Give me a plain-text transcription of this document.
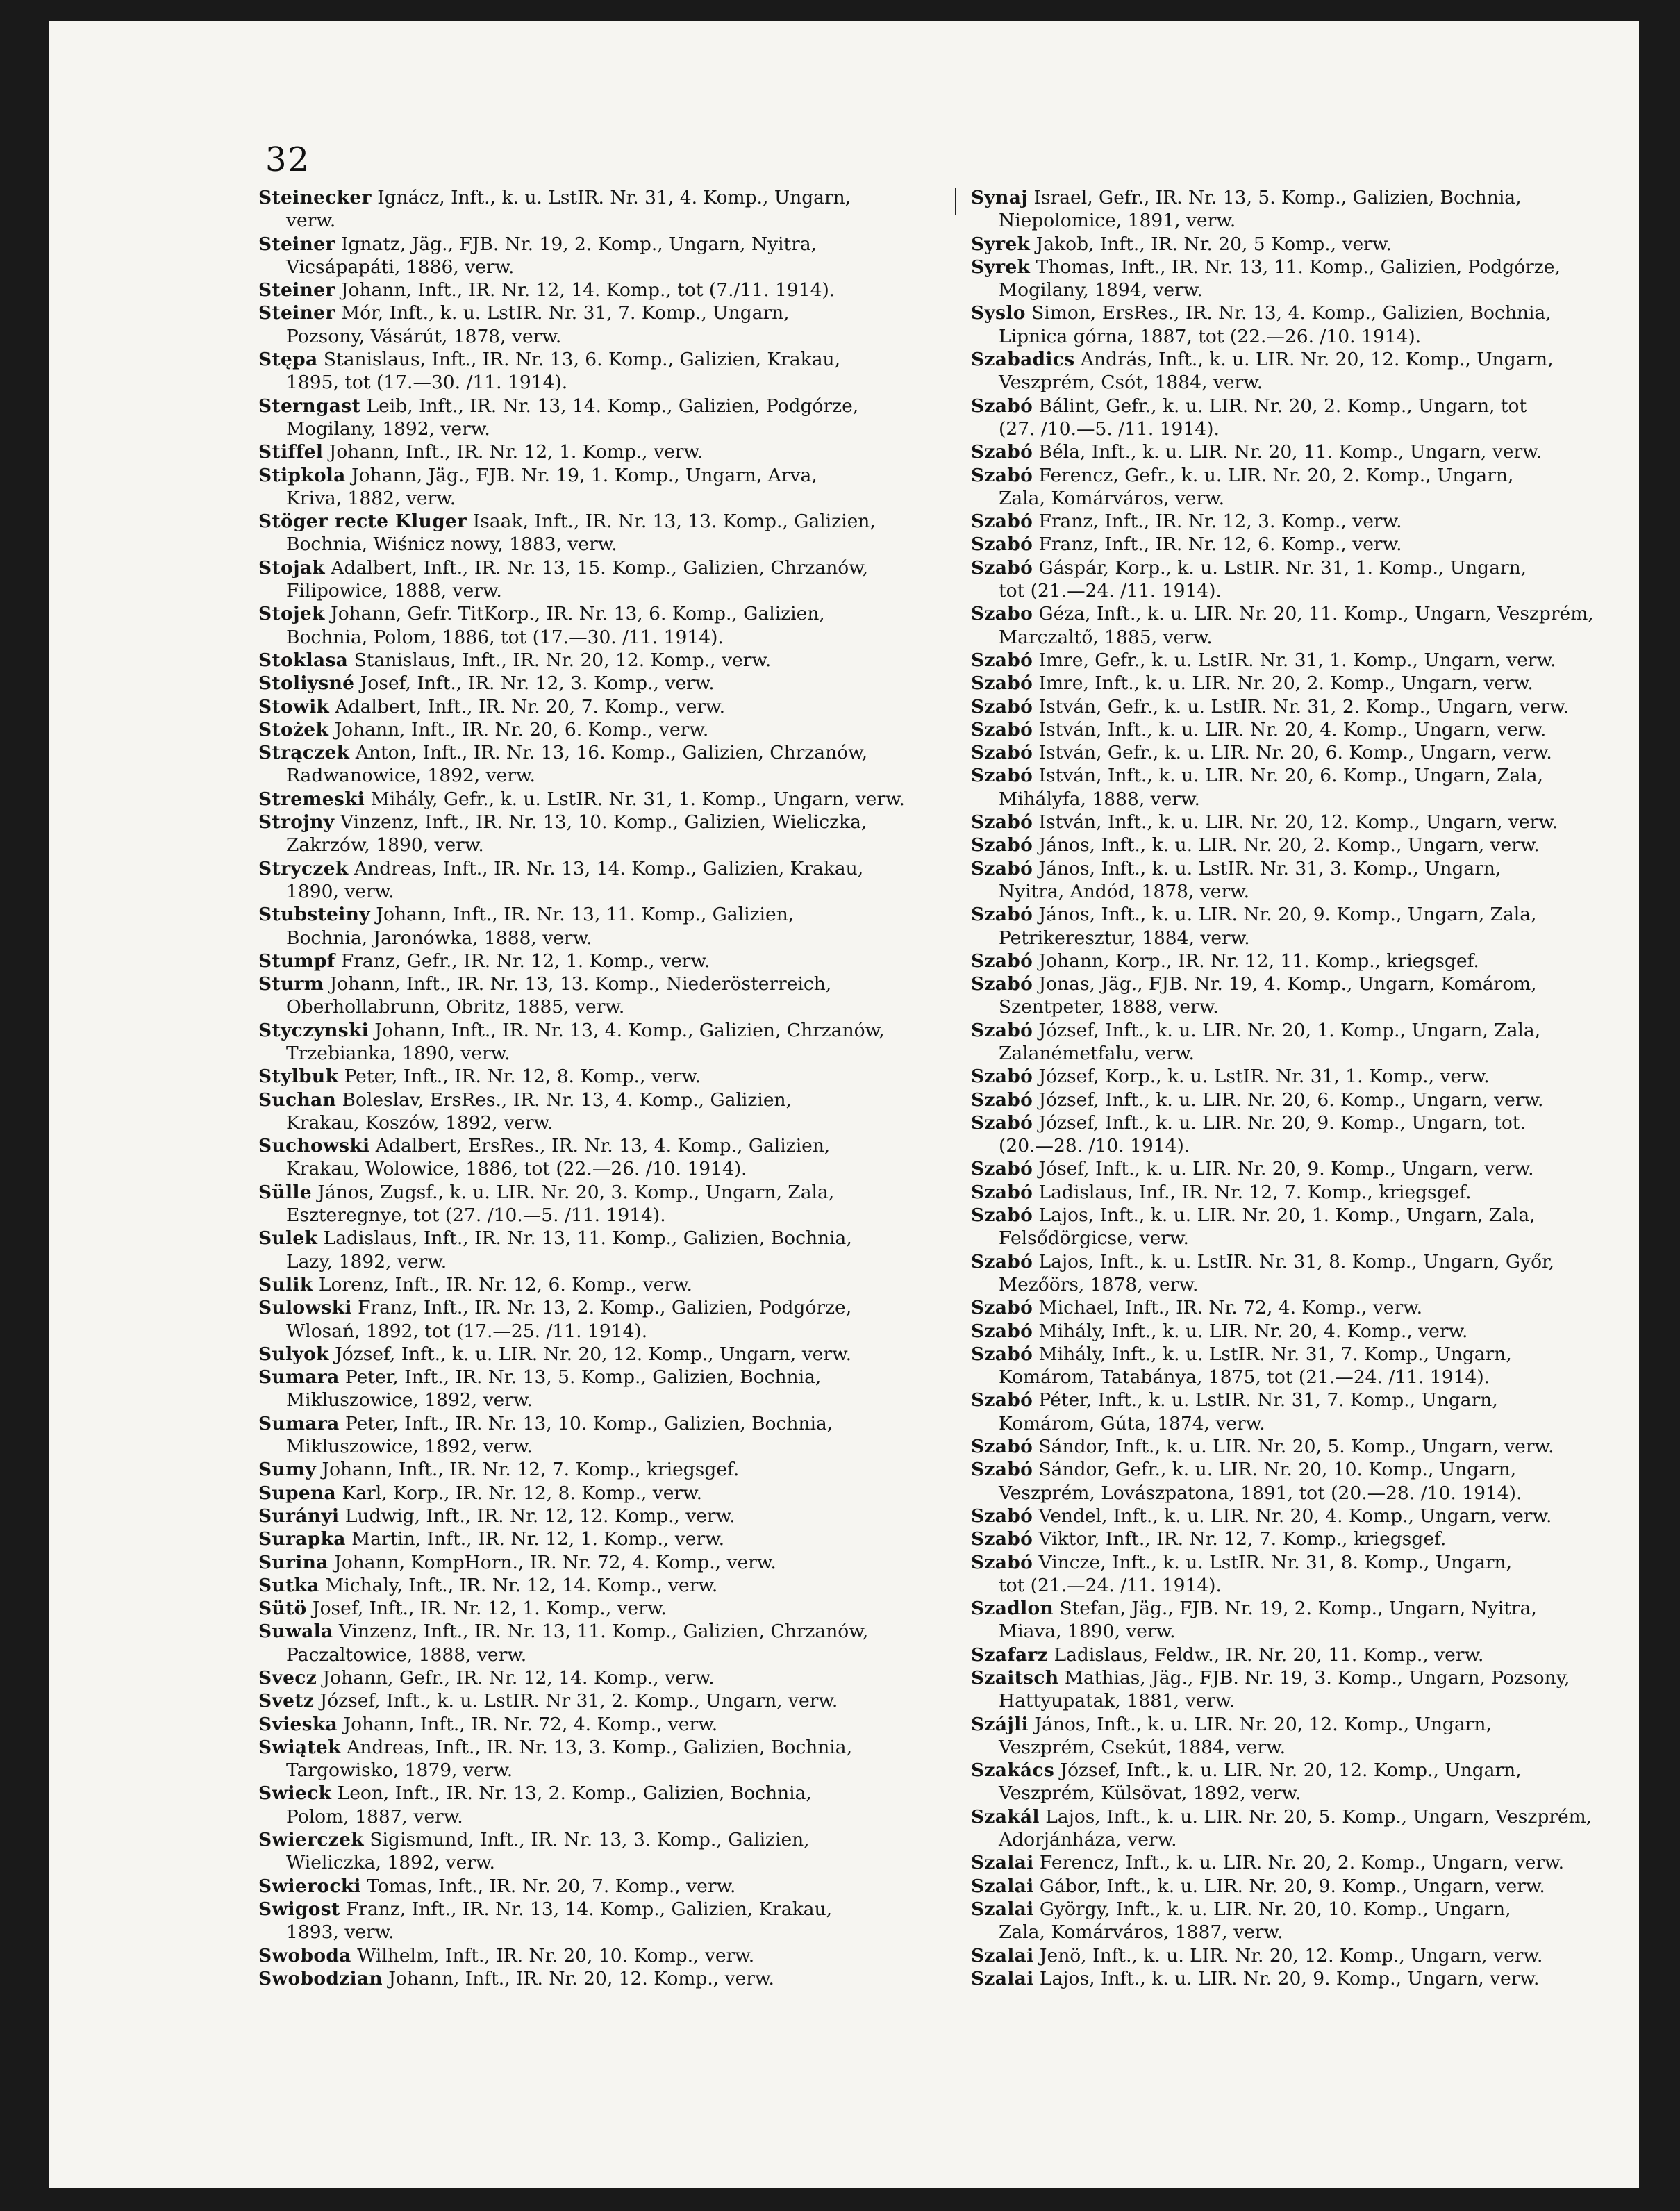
32
Steinecker Ignácz, Inft., k. u. LstIR. Nr. 31, 4. Komp., Ungarn,
verw.
Steiner Ignatz, Jäg., FJB. Nr. 19, 2. Komp., Ungarn, Nyitra,
Vicsápapáti, 1886, verw.
Steiner Johann, Inft., IR. Nr. 12, 14. Komp., tot (7./11. 1914).
Steiner Mór, Inft., k. u. LstIR. Nr. 31, 7. Komp., Ungarn,
Pozsony, Vásárút, 1878, verw.
Stępa Stanislaus, Inft., IR. Nr. 13, 6. Komp., Galizien, Krakau,
1895, tot (17.—30. /11. 1914).
Sterngast Leib, Inft., IR. Nr. 13, 14. Komp., Galizien, Podgórze,
Mogilany, 1892, verw.
Stiffel Johann, Inft., IR. Nr. 12, 1. Komp., verw.
Stipkola Johann, Jäg., FJB. Nr. 19, 1. Komp., Ungarn, Arva,
Kriva, 1882, verw.
Stöger recte Kluger Isaak, Inft., IR. Nr. 13, 13. Komp., Galizien,
Bochnia, Wiśnicz nowy, 1883, verw.
Stojak Adalbert, Inft., IR. Nr. 13, 15. Komp., Galizien, Chrzanów,
Filipowice, 1888, verw.
Stojek Johann, Gefr. TitKorp., IR. Nr. 13, 6. Komp., Galizien,
Bochnia, Polom, 1886, tot (17.—30. /11. 1914).
Stoklasa Stanislaus, Inft., IR. Nr. 20, 12. Komp., verw.
Stoliysné Josef, Inft., IR. Nr. 12, 3. Komp., verw.
Stowik Adalbert, Inft., IR. Nr. 20, 7. Komp., verw.
Stożek Johann, Inft., IR. Nr. 20, 6. Komp., verw.
Strączek Anton, Inft., IR. Nr. 13, 16. Komp., Galizien, Chrzanów,
Radwanowice, 1892, verw.
Stremeski Mihály, Gefr., k. u. LstIR. Nr. 31, 1. Komp., Ungarn, verw.
Strojny Vinzenz, Inft., IR. Nr. 13, 10. Komp., Galizien, Wieliczka,
Zakrzów, 1890, verw.
Stryczek Andreas, Inft., IR. Nr. 13, 14. Komp., Galizien, Krakau,
1890, verw.
Stubsteiny Johann, Inft., IR. Nr. 13, 11. Komp., Galizien,
Bochnia, Jaronówka, 1888, verw.
Stumpf Franz, Gefr., IR. Nr. 12, 1. Komp., verw.
Sturm Johann, Inft., IR. Nr. 13, 13. Komp., Niederösterreich,
Oberhollabrunn, Obritz, 1885, verw.
Styczynski Johann, Inft., IR. Nr. 13, 4. Komp., Galizien, Chrzanów,
Trzebianka, 1890, verw.
Stylbuk Peter, Inft., IR. Nr. 12, 8. Komp., verw.
Suchan Boleslav, ErsRes., IR. Nr. 13, 4. Komp., Galizien,
Krakau, Koszów, 1892, verw.
Suchowski Adalbert, ErsRes., IR. Nr. 13, 4. Komp., Galizien,
Krakau, Wolowice, 1886, tot (22.—26. /10. 1914).
Sülle János, Zugsf., k. u. LIR. Nr. 20, 3. Komp., Ungarn, Zala,
Eszteregnye, tot (27. /10.—5. /11. 1914).
Sulek Ladislaus, Inft., IR. Nr. 13, 11. Komp., Galizien, Bochnia,
Lazy, 1892, verw.
Sulik Lorenz, Inft., IR. Nr. 12, 6. Komp., verw.
Sulowski Franz, Inft., IR. Nr. 13, 2. Komp., Galizien, Podgórze,
Wlosań, 1892, tot (17.—25. /11. 1914).
Sulyok József, Inft., k. u. LIR. Nr. 20, 12. Komp., Ungarn, verw.
Sumara Peter, Inft., IR. Nr. 13, 5. Komp., Galizien, Bochnia,
Mikluszowice, 1892, verw.
Sumara Peter, Inft., IR. Nr. 13, 10. Komp., Galizien, Bochnia,
Mikluszowice, 1892, verw.
Sumy Johann, Inft., IR. Nr. 12, 7. Komp., kriegsgef.
Supena Karl, Korp., IR. Nr. 12, 8. Komp., verw.
Surányi Ludwig, Inft., IR. Nr. 12, 12. Komp., verw.
Surapka Martin, Inft., IR. Nr. 12, 1. Komp., verw.
Surina Johann, KompHorn., IR. Nr. 72, 4. Komp., verw.
Sutka Michaly, Inft., IR. Nr. 12, 14. Komp., verw.
Sütö Josef, Inft., IR. Nr. 12, 1. Komp., verw.
Suwala Vinzenz, Inft., IR. Nr. 13, 11. Komp., Galizien, Chrzanów,
Paczaltowice, 1888, verw.
Svecz Johann, Gefr., IR. Nr. 12, 14. Komp., verw.
Svetz József, Inft., k. u. LstIR. Nr 31, 2. Komp., Ungarn, verw.
Svieska Johann, Inft., IR. Nr. 72, 4. Komp., verw.
Swiątek Andreas, Inft., IR. Nr. 13, 3. Komp., Galizien, Bochnia,
Targowisko, 1879, verw.
Swieck Leon, Inft., IR. Nr. 13, 2. Komp., Galizien, Bochnia,
Polom, 1887, verw.
Swierczek Sigismund, Inft., IR. Nr. 13, 3. Komp., Galizien,
Wieliczka, 1892, verw.
Swierocki Tomas, Inft., IR. Nr. 20, 7. Komp., verw.
Swigost Franz, Inft., IR. Nr. 13, 14. Komp., Galizien, Krakau,
1893, verw.
Swoboda Wilhelm, Inft., IR. Nr. 20, 10. Komp., verw.
Swobodzian Johann, Inft., IR. Nr. 20, 12. Komp., verw.
Synaj Israel, Gefr., IR. Nr. 13, 5. Komp., Galizien, Bochnia,
Niepolomice, 1891, verw.
Syrek Jakob, Inft., IR. Nr. 20, 5 Komp., verw.
Syrek Thomas, Inft., IR. Nr. 13, 11. Komp., Galizien, Podgórze,
Mogilany, 1894, verw.
Syslo Simon, ErsRes., IR. Nr. 13, 4. Komp., Galizien, Bochnia,
Lipnica górna, 1887, tot (22.—26. /10. 1914).
Szabadics András, Inft., k. u. LIR. Nr. 20, 12. Komp., Ungarn,
Veszprém, Csót, 1884, verw.
Szabó Bálint, Gefr., k. u. LIR. Nr. 20, 2. Komp., Ungarn, tot
(27. /10.—5. /11. 1914).
Szabó Béla, Inft., k. u. LIR. Nr. 20, 11. Komp., Ungarn, verw.
Szabó Ferencz, Gefr., k. u. LIR. Nr. 20, 2. Komp., Ungarn,
Zala, Komárváros, verw.
Szabó Franz, Inft., IR. Nr. 12, 3. Komp., verw.
Szabó Franz, Inft., IR. Nr. 12, 6. Komp., verw.
Szabó Gáspár, Korp., k. u. LstIR. Nr. 31, 1. Komp., Ungarn,
tot (21.—24. /11. 1914).
Szabo Géza, Inft., k. u. LIR. Nr. 20, 11. Komp., Ungarn, Veszprém,
Marczaltő, 1885, verw.
Szabó Imre, Gefr., k. u. LstIR. Nr. 31, 1. Komp., Ungarn, verw.
Szabó Imre, Inft., k. u. LIR. Nr. 20, 2. Komp., Ungarn, verw.
Szabó István, Gefr., k. u. LstIR. Nr. 31, 2. Komp., Ungarn, verw.
Szabó István, Inft., k. u. LIR. Nr. 20, 4. Komp., Ungarn, verw.
Szabó István, Gefr., k. u. LIR. Nr. 20, 6. Komp., Ungarn, verw.
Szabó István, Inft., k. u. LIR. Nr. 20, 6. Komp., Ungarn, Zala,
Mihályfa, 1888, verw.
Szabó István, Inft., k. u. LIR. Nr. 20, 12. Komp., Ungarn, verw.
Szabó János, Inft., k. u. LIR. Nr. 20, 2. Komp., Ungarn, verw.
Szabó János, Inft., k. u. LstIR. Nr. 31, 3. Komp., Ungarn,
Nyitra, Andód, 1878, verw.
Szabó János, Inft., k. u. LIR. Nr. 20, 9. Komp., Ungarn, Zala,
Petrikeresztur, 1884, verw.
Szabó Johann, Korp., IR. Nr. 12, 11. Komp., kriegsgef.
Szabó Jonas, Jäg., FJB. Nr. 19, 4. Komp., Ungarn, Komárom,
Szentpeter, 1888, verw.
Szabó József, Inft., k. u. LIR. Nr. 20, 1. Komp., Ungarn, Zala,
Zalanémetfalu, verw.
Szabó József, Korp., k. u. LstIR. Nr. 31, 1. Komp., verw.
Szabó József, Inft., k. u. LIR. Nr. 20, 6. Komp., Ungarn, verw.
Szabó József, Inft., k. u. LIR. Nr. 20, 9. Komp., Ungarn, tot.
(20.—28. /10. 1914).
Szabó Jósef, Inft., k. u. LIR. Nr. 20, 9. Komp., Ungarn, verw.
Szabó Ladislaus, Inf., IR. Nr. 12, 7. Komp., kriegsgef.
Szabó Lajos, Inft., k. u. LIR. Nr. 20, 1. Komp., Ungarn, Zala,
Felsődörgicse, verw.
Szabó Lajos, Inft., k. u. LstIR. Nr. 31, 8. Komp., Ungarn, Győr,
Mezőörs, 1878, verw.
Szabó Michael, Inft., IR. Nr. 72, 4. Komp., verw.
Szabó Mihály, Inft., k. u. LIR. Nr. 20, 4. Komp., verw.
Szabó Mihály, Inft., k. u. LstIR. Nr. 31, 7. Komp., Ungarn,
Komárom, Tatabánya, 1875, tot (21.—24. /11. 1914).
Szabó Péter, Inft., k. u. LstIR. Nr. 31, 7. Komp., Ungarn,
Komárom, Gúta, 1874, verw.
Szabó Sándor, Inft., k. u. LIR. Nr. 20, 5. Komp., Ungarn, verw.
Szabó Sándor, Gefr., k. u. LIR. Nr. 20, 10. Komp., Ungarn,
Veszprém, Lovászpatona, 1891, tot (20.—28. /10. 1914).
Szabó Vendel, Inft., k. u. LIR. Nr. 20, 4. Komp., Ungarn, verw.
Szabó Viktor, Inft., IR. Nr. 12, 7. Komp., kriegsgef.
Szabó Vincze, Inft., k. u. LstIR. Nr. 31, 8. Komp., Ungarn,
tot (21.—24. /11. 1914).
Szadlon Stefan, Jäg., FJB. Nr. 19, 2. Komp., Ungarn, Nyitra,
Miava, 1890, verw.
Szafarz Ladislaus, Feldw., IR. Nr. 20, 11. Komp., verw.
Szaitsch Mathias, Jäg., FJB. Nr. 19, 3. Komp., Ungarn, Pozsony,
Hattyupatak, 1881, verw.
Szájli János, Inft., k. u. LIR. Nr. 20, 12. Komp., Ungarn,
Veszprém, Csekút, 1884, verw.
Szakács József, Inft., k. u. LIR. Nr. 20, 12. Komp., Ungarn,
Veszprém, Külsövat, 1892, verw.
Szakál Lajos, Inft., k. u. LIR. Nr. 20, 5. Komp., Ungarn, Veszprém,
Adorjánháza, verw.
Szalai Ferencz, Inft., k. u. LIR. Nr. 20, 2. Komp., Ungarn, verw.
Szalai Gábor, Inft., k. u. LIR. Nr. 20, 9. Komp., Ungarn, verw.
Szalai György, Inft., k. u. LIR. Nr. 20, 10. Komp., Ungarn,
Zala, Komárváros, 1887, verw.
Szalai Jenö, Inft., k. u. LIR. Nr. 20, 12. Komp., Ungarn, verw.
Szalai Lajos, Inft., k. u. LIR. Nr. 20, 9. Komp., Ungarn, verw.
